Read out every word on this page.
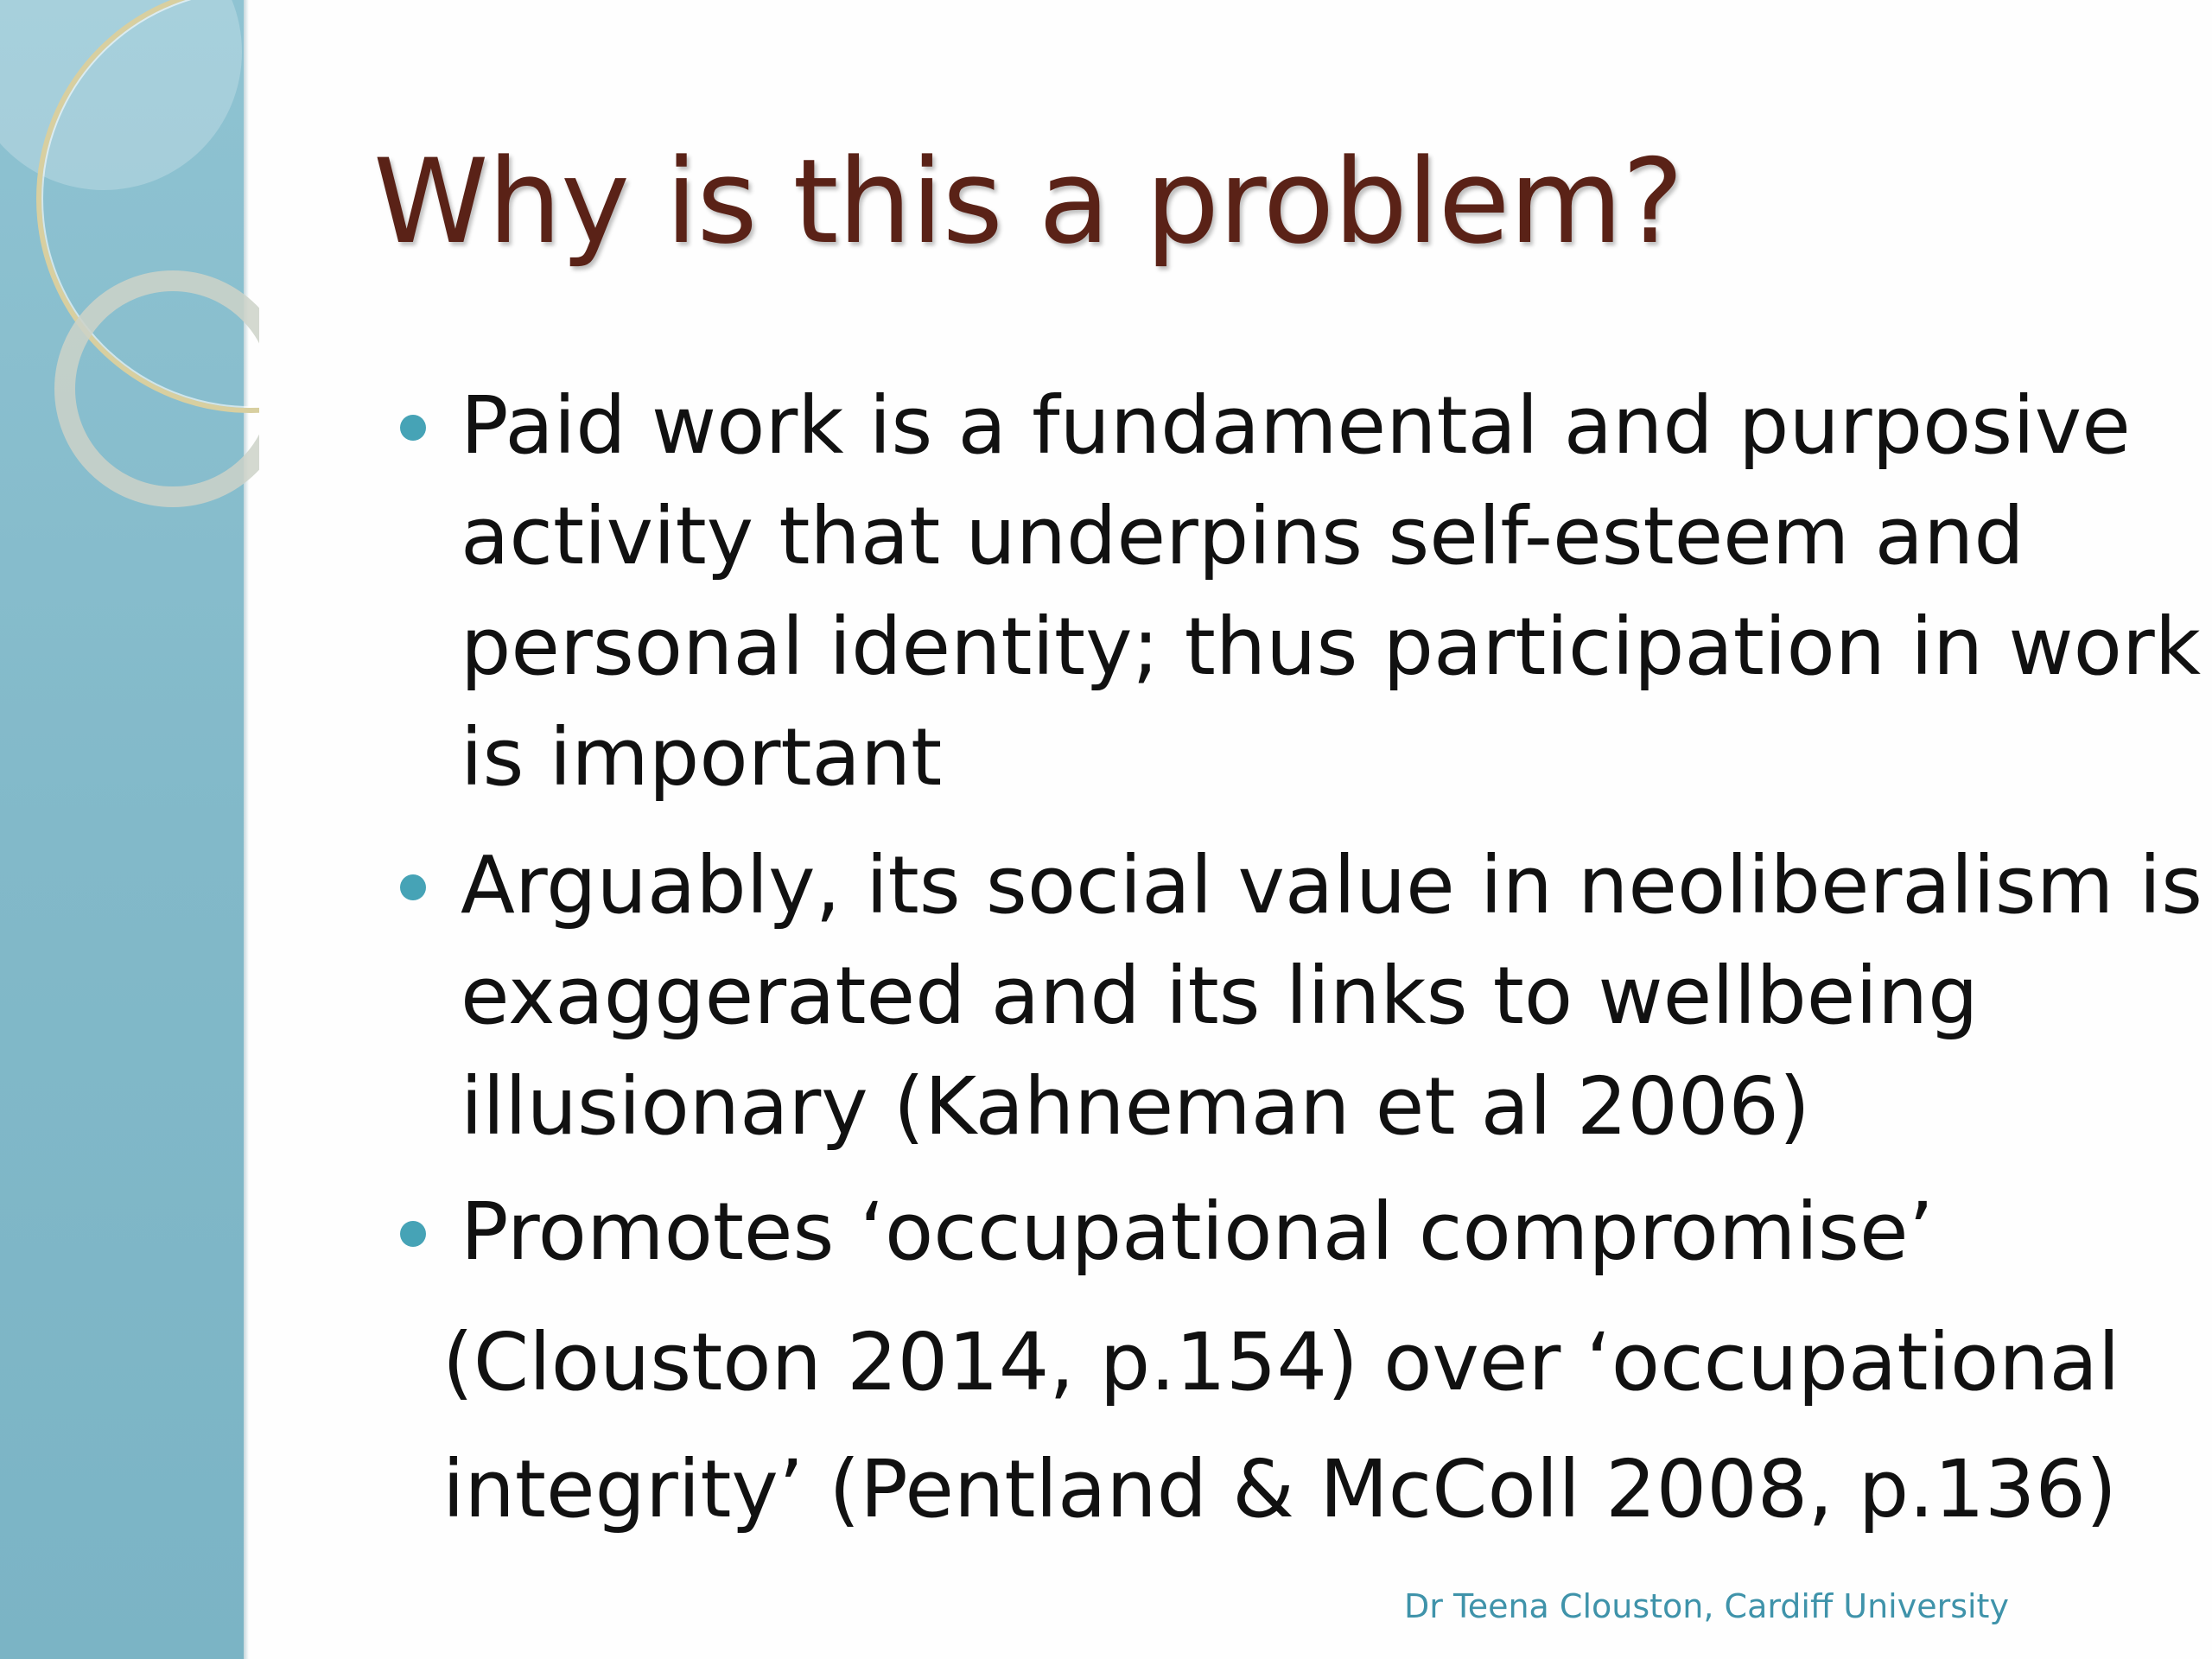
Why is this a problem?
Paid work is a fundamental and purposive
activity that underpins self-esteem and
personal identity; thus participation in work
is important
Arguably, its social value in neoliberalism is
exaggerated and its links to wellbeing
illusionary (Kahneman et al 2006)
Promotes ‘occupational compromise’
(Clouston 2014, p.154) over ‘occupational
integrity’ (Pentland & McColl 2008, p.136)
Dr Teena Clouston, Cardiff University
